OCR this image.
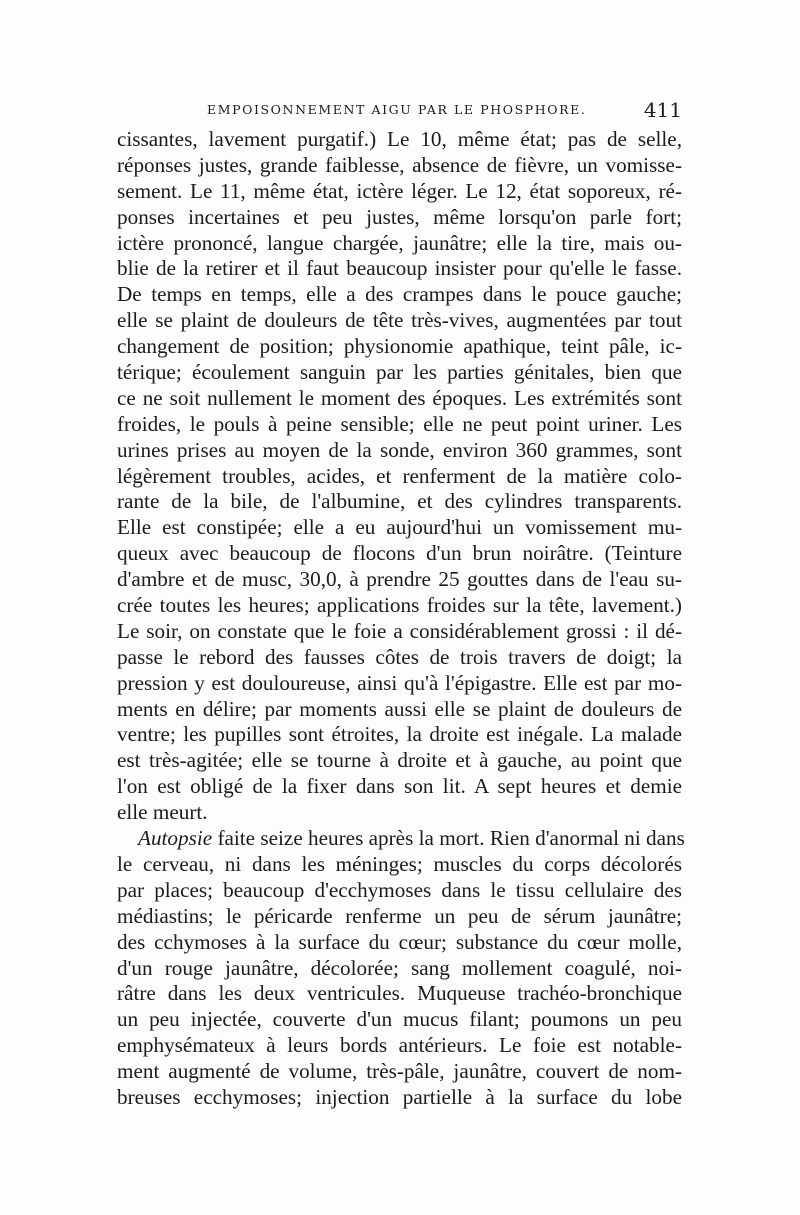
EMPOISONNEMENT AIGU PAR LE PHOSPHORE.	411
cissantes, lavement purgatif.) Le 10, même état; pas de selle,
réponses justes, grande faiblesse, absence de fièvre, un vomisse-
sement. Le 11, même état, ictère léger. Le 12, état soporeux, ré-
ponses incertaines et peu justes, même lorsqu'on parle fort;
ictère prononcé, langue chargée, jaunâtre; elle la tire, mais ou-
blie de la retirer et il faut beaucoup insister pour qu'elle le fasse.
De temps en temps, elle a des crampes dans le pouce gauche;
elle se plaint de douleurs de tête très-vives, augmentées par tout
changement de position; physionomie apathique, teint pâle, ic-
térique; écoulement sanguin par les parties génitales, bien que
ce ne soit nullement le moment des époques. Les extrémités sont
froides, le pouls à peine sensible; elle ne peut point uriner. Les
urines prises au moyen de la sonde, environ 360 grammes, sont
légèrement troubles, acides, et renferment de la matière colo-
rante de la bile, de l'albumine, et des cylindres transparents.
Elle est constipée; elle a eu aujourd'hui un vomissement mu-
queux avec beaucoup de flocons d'un brun noirâtre. (Teinture
d'ambre et de musc, 30,0, à prendre 25 gouttes dans de l'eau su-
crée toutes les heures; applications froides sur la tête, lavement.)
Le soir, on constate que le foie a considérablement grossi : il dé-
passe le rebord des fausses côtes de trois travers de doigt; la
pression y est douloureuse, ainsi qu'à l'épigastre. Elle est par mo-
ments en délire; par moments aussi elle se plaint de douleurs de
ventre; les pupilles sont étroites, la droite est inégale. La malade
est très-agitée; elle se tourne à droite et à gauche, au point que
l'on est obligé de la fixer dans son lit. A sept heures et demie
elle meurt.
Autopsie faite seize heures après la mort. Rien d'anormal ni dans
le cerveau, ni dans les méninges; muscles du corps décolorés
par places; beaucoup d'ecchymoses dans le tissu cellulaire des
médiastins; le péricarde renferme un peu de sérum jaunâtre;
des cchymoses à la surface du cœur; substance du cœur molle,
d'un rouge jaunâtre, décolorée; sang mollement coagulé, noi-
râtre dans les deux ventricules. Muqueuse trachéo-bronchique
un peu injectée, couverte d'un mucus filant; poumons un peu
emphysémateux à leurs bords antérieurs. Le foie est notable-
ment augmenté de volume, très-pâle, jaunâtre, couvert de nom-
breuses ecchymoses; injection partielle à la surface du lobe
